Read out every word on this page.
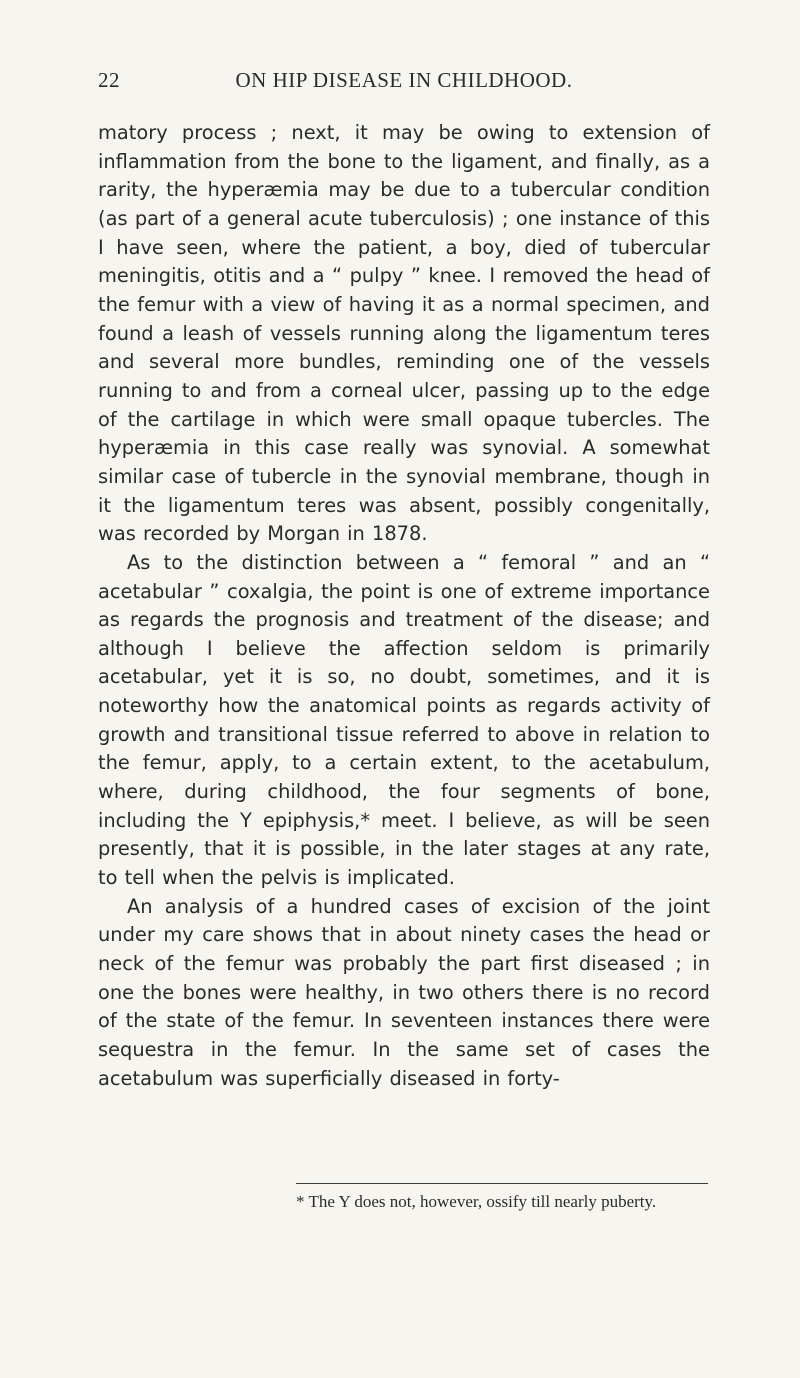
22	ON HIP DISEASE IN CHILDHOOD.

matory process ; next, it may be owing to extension of inflammation from the bone to the ligament, and finally, as a rarity, the hyperæmia may be due to a tubercular condition (as part of a general acute tuberculosis) ; one instance of this I have seen, where the patient, a boy, died of tubercular meningitis, otitis and a “ pulpy ” knee. I removed the head of the femur with a view of having it as a normal specimen, and found a leash of vessels running along the ligamentum teres and several more bundles, reminding one of the vessels running to and from a corneal ulcer, passing up to the edge of the cartilage in which were small opaque tubercles. The hyperæmia in this case really was synovial. A somewhat similar case of tubercle in the synovial membrane, though in it the ligamentum teres was absent, possibly congenitally, was recorded by Morgan in 1878.

As to the distinction between a “ femoral ” and an “ acetabular ” coxalgia, the point is one of extreme importance as regards the prognosis and treatment of the disease; and although I believe the affection seldom is primarily acetabular, yet it is so, no doubt, sometimes, and it is noteworthy how the anatomical points as regards activity of growth and transitional tissue referred to above in relation to the femur, apply, to a certain extent, to the acetabulum, where, during childhood, the four segments of bone, including the Y epiphysis,* meet. I believe, as will be seen presently, that it is possible, in the later stages at any rate, to tell when the pelvis is implicated.

An analysis of a hundred cases of excision of the joint under my care shows that in about ninety cases the head or neck of the femur was probably the part first diseased ; in one the bones were healthy, in two others there is no record of the state of the femur. In seventeen instances there were sequestra in the femur. In the same set of cases the acetabulum was superficially diseased in forty-

* The Y does not, however, ossify till nearly puberty.
